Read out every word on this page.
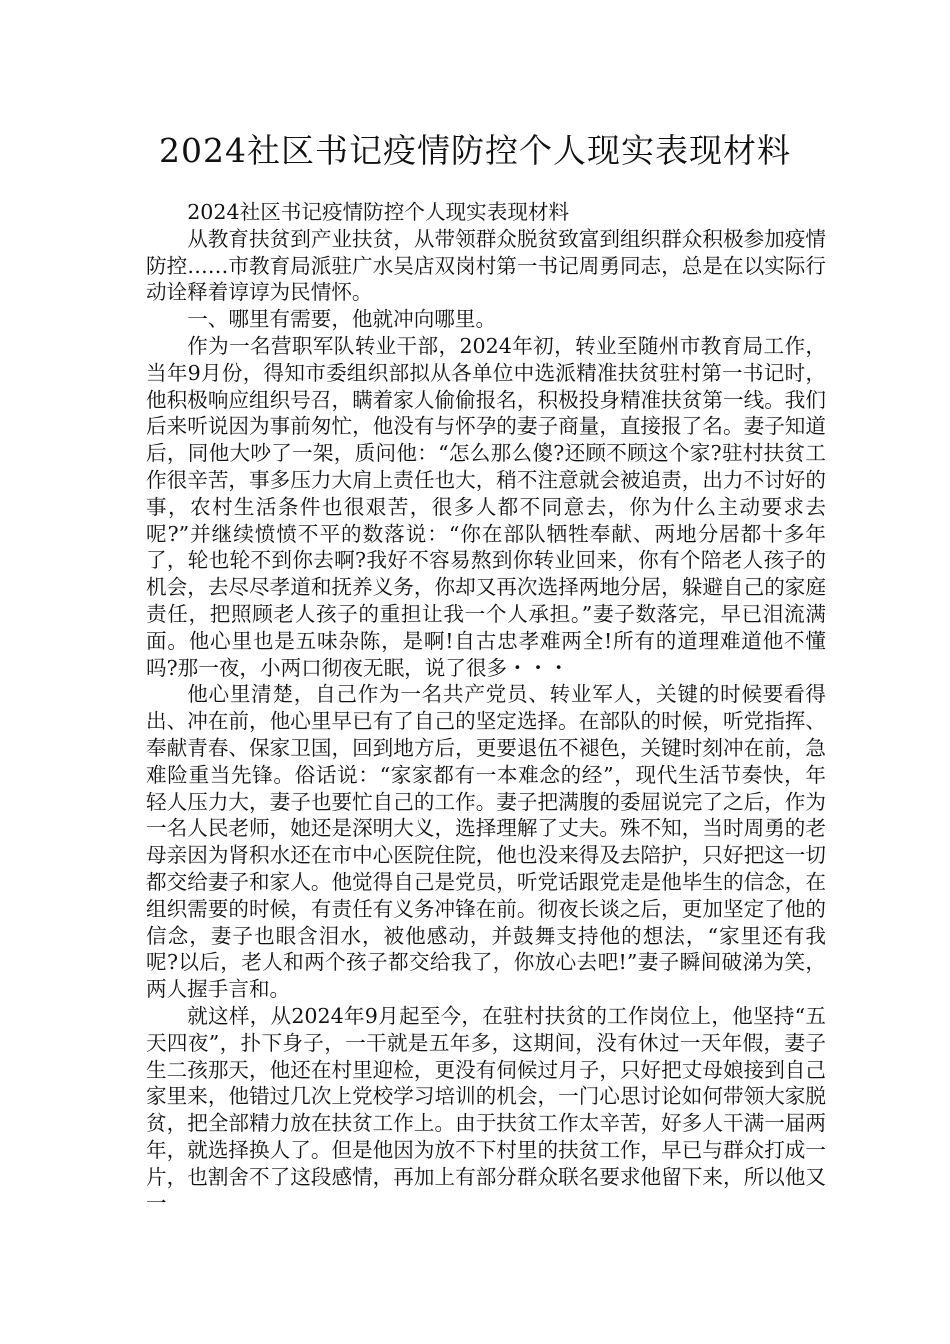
2024社区书记疫情防控个人现实表现材料

2024社区书记疫情防控个人现实表现材料

从教育扶贫到产业扶贫，从带领群众脱贫致富到组织群众积极参加疫情防控……市教育局派驻广水吴店双岗村第一书记周勇同志，总是在以实际行动诠释着谆谆为民情怀。

一、哪里有需要，他就冲向哪里。

作为一名营职军队转业干部，2024年初，转业至随州市教育局工作，当年9月份，得知市委组织部拟从各单位中选派精准扶贫驻村第一书记时，他积极响应组织号召，瞒着家人偷偷报名，积极投身精准扶贫第一线。我们后来听说因为事前匆忙，他没有与怀孕的妻子商量，直接报了名。妻子知道后，同他大吵了一架，质问他：“怎么那么傻?还顾不顾这个家?驻村扶贫工作很辛苦，事多压力大肩上责任也大，稍不注意就会被追责，出力不讨好的事，农村生活条件也很艰苦，很多人都不同意去，你为什么主动要求去呢?”并继续愤愤不平的数落说：“你在部队牺牲奉献、两地分居都十多年了，轮也轮不到你去啊?我好不容易熬到你转业回来，你有个陪老人孩子的机会，去尽尽孝道和抚养义务，你却又再次选择两地分居，躲避自己的家庭责任，把照顾老人孩子的重担让我一个人承担。”妻子数落完，早已泪流满面。他心里也是五味杂陈，是啊!自古忠孝难两全!所有的道理难道他不懂吗?那一夜，小两口彻夜无眠，说了很多・・・

他心里清楚，自己作为一名共产党员、转业军人，关键的时候要看得出、冲在前，他心里早已有了自己的坚定选择。在部队的时候，听党指挥、奉献青春、保家卫国，回到地方后，更要退伍不褪色，关键时刻冲在前，急难险重当先锋。俗话说：“家家都有一本难念的经”，现代生活节奏快，年轻人压力大，妻子也要忙自己的工作。妻子把满腹的委屈说完了之后，作为一名人民老师，她还是深明大义，选择理解了丈夫。殊不知，当时周勇的老母亲因为肾积水还在市中心医院住院，他也没来得及去陪护，只好把这一切都交给妻子和家人。他觉得自己是党员，听党话跟党走是他毕生的信念，在组织需要的时候，有责任有义务冲锋在前。彻夜长谈之后，更加坚定了他的信念，妻子也眼含泪水，被他感动，并鼓舞支持他的想法，“家里还有我呢?以后，老人和两个孩子都交给我了，你放心去吧!”妻子瞬间破涕为笑，两人握手言和。

就这样，从2024年9月起至今，在驻村扶贫的工作岗位上，他坚持“五天四夜”，扑下身子，一干就是五年多，这期间，没有休过一天年假，妻子生二孩那天，他还在村里迎检，更没有伺候过月子，只好把丈母娘接到自己家里来，他错过几次上党校学习培训的机会，一门心思讨论如何带领大家脱贫，把全部精力放在扶贫工作上。由于扶贫工作太辛苦，好多人干满一届两年，就选择换人了。但是他因为放不下村里的扶贫工作，早已与群众打成一片，也割舍不了这段感情，再加上有部分群众联名要求他留下来，所以他又一
